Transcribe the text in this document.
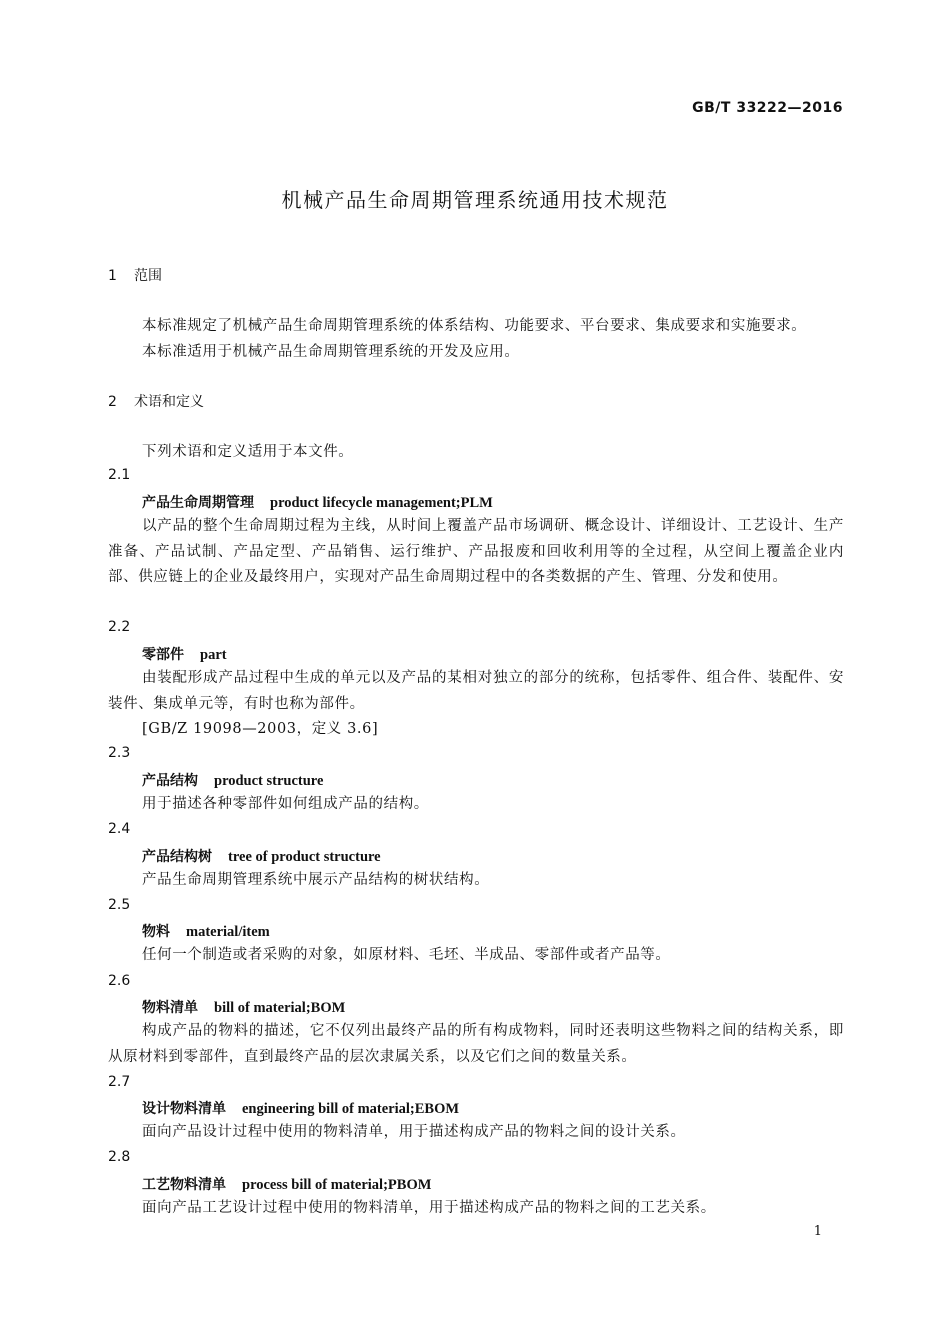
GB/T 33222—2016
机械产品生命周期管理系统通用技术规范
1 范围
本标准规定了机械产品生命周期管理系统的体系结构、功能要求、平台要求、集成要求和实施要求。
本标准适用于机械产品生命周期管理系统的开发及应用。
2 术语和定义
下列术语和定义适用于本文件。
2.1
产品生命周期管理 product lifecycle management;PLM
以产品的整个生命周期过程为主线，从时间上覆盖产品市场调研、概念设计、详细设计、工艺设计、生产准备、产品试制、产品定型、产品销售、运行维护、产品报废和回收利用等的全过程，从空间上覆盖企业内部、供应链上的企业及最终用户，实现对产品生命周期过程中的各类数据的产生、管理、分发和使用。
2.2
零部件 part
由装配形成产品过程中生成的单元以及产品的某相对独立的部分的统称，包括零件、组合件、装配件、安装件、集成单元等，有时也称为部件。
[GB/Z 19098—2003，定义 3.6]
2.3
产品结构 product structure
用于描述各种零部件如何组成产品的结构。
2.4
产品结构树 tree of product structure
产品生命周期管理系统中展示产品结构的树状结构。
2.5
物料 material/item
任何一个制造或者采购的对象，如原材料、毛坯、半成品、零部件或者产品等。
2.6
物料清单 bill of material;BOM
构成产品的物料的描述，它不仅列出最终产品的所有构成物料，同时还表明这些物料之间的结构关系，即从原材料到零部件，直到最终产品的层次隶属关系，以及它们之间的数量关系。
2.7
设计物料清单 engineering bill of material;EBOM
面向产品设计过程中使用的物料清单，用于描述构成产品的物料之间的设计关系。
2.8
工艺物料清单 process bill of material;PBOM
面向产品工艺设计过程中使用的物料清单，用于描述构成产品的物料之间的工艺关系。
1
